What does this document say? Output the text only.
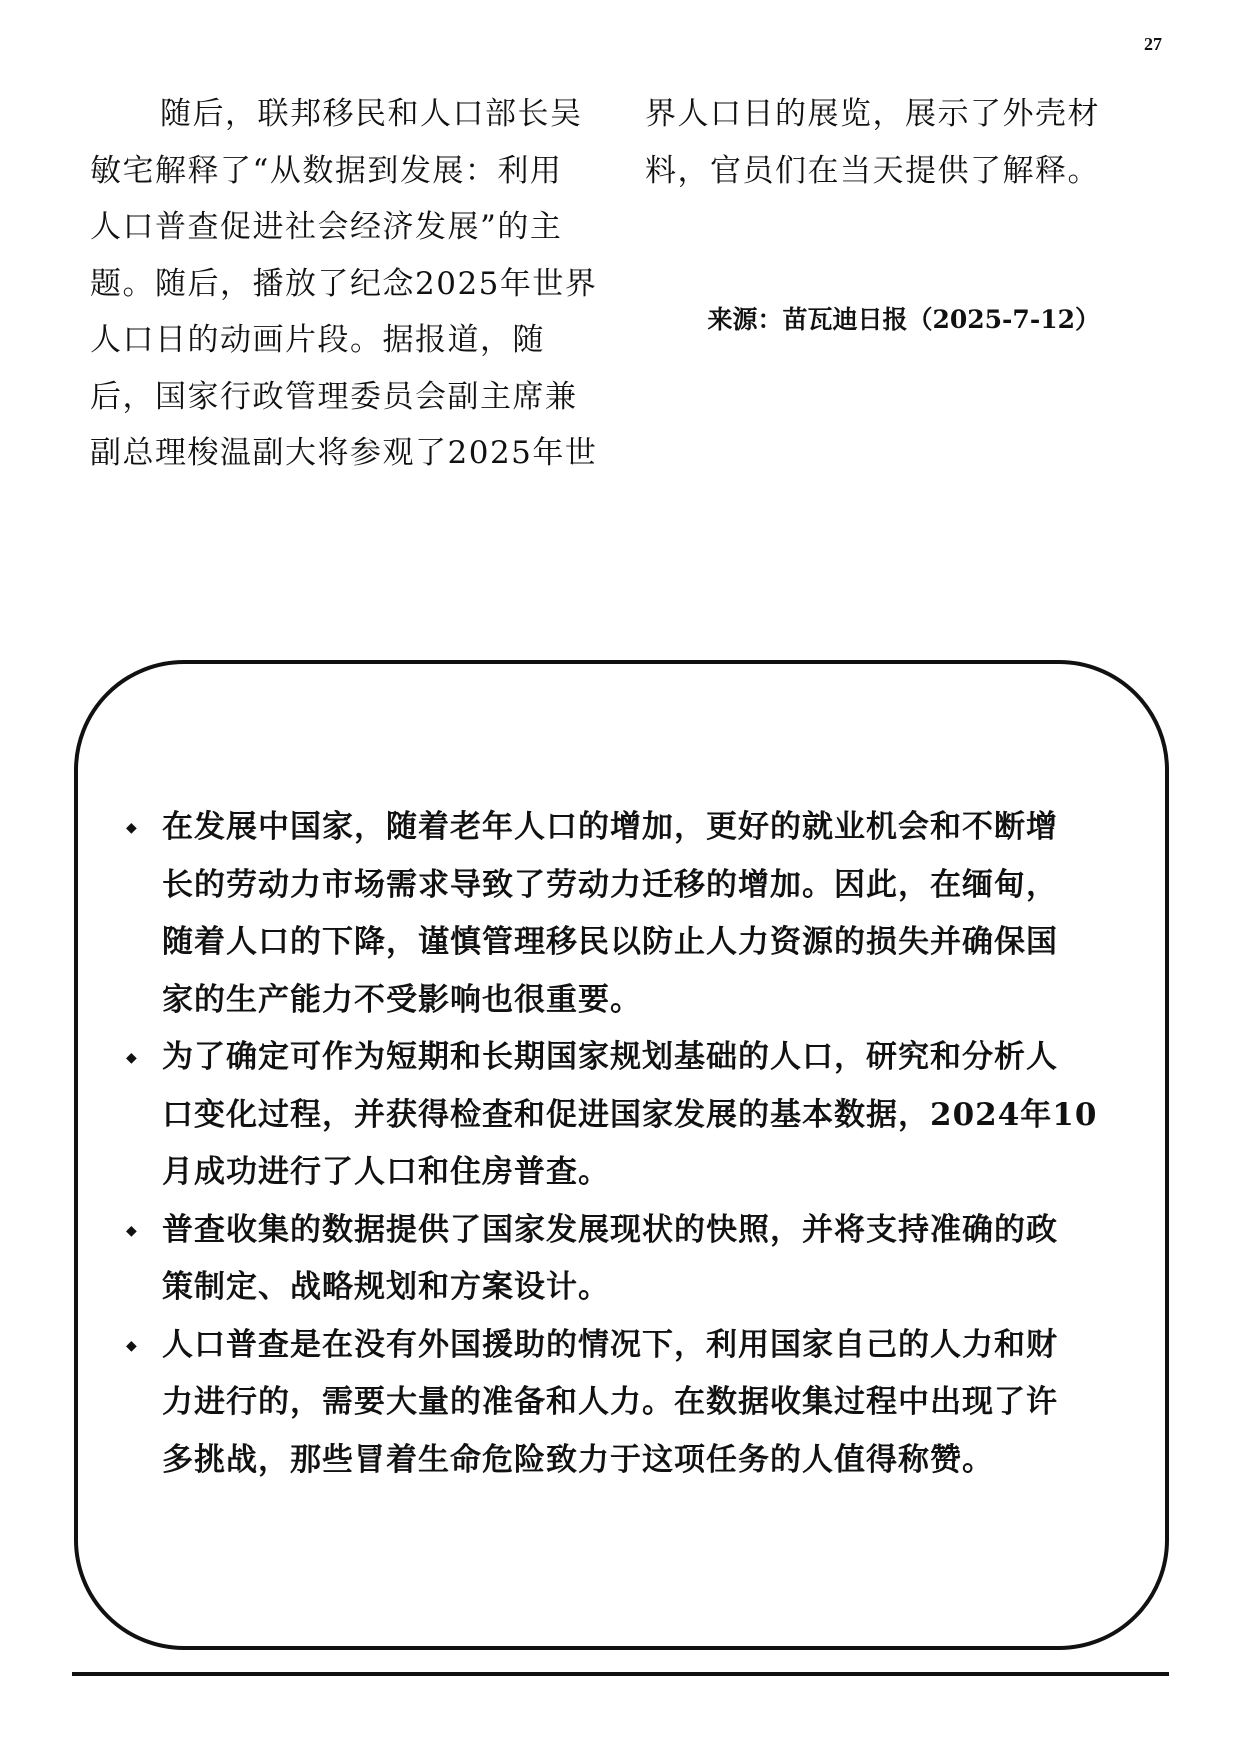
27
随后，联邦移民和人口部长吴
敏宅解释了“从数据到发展：利用
人口普查促进社会经济发展”的主
题。随后，播放了纪念2025年世界
人口日的动画片段。据报道，随
后，国家行政管理委员会副主席兼
副总理梭温副大将参观了2025年世
界人口日的展览，展示了外壳材
料，官员们在当天提供了解释。
来源：苗瓦迪日报（2025-7-12）
◆ 在发展中国家，随着老年人口的增加，更好的就业机会和不断增
长的劳动力市场需求导致了劳动力迁移的增加。因此，在缅甸，
随着人口的下降，谨慎管理移民以防止人力资源的损失并确保国
家的生产能力不受影响也很重要。
◆ 为了确定可作为短期和长期国家规划基础的人口，研究和分析人
口变化过程，并获得检查和促进国家发展的基本数据，2024年10
月成功进行了人口和住房普查。
◆ 普查收集的数据提供了国家发展现状的快照，并将支持准确的政
策制定、战略规划和方案设计。
◆ 人口普查是在没有外国援助的情况下，利用国家自己的人力和财
力进行的，需要大量的准备和人力。在数据收集过程中出现了许
多挑战，那些冒着生命危险致力于这项任务的人值得称赞。
